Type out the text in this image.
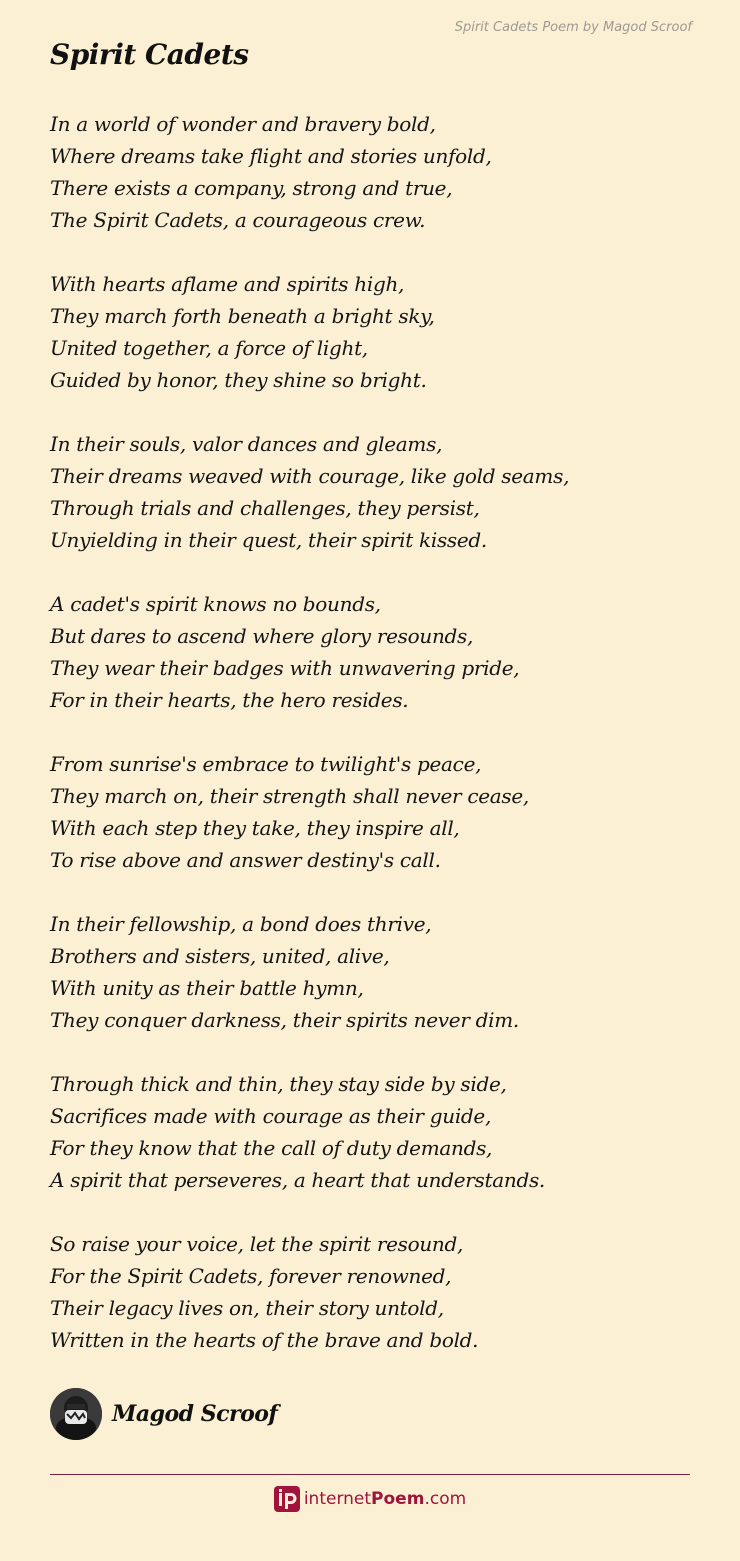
Spirit Cadets Poem by Magod Scroof
Spirit Cadets
In a world of wonder and bravery bold,
Where dreams take flight and stories unfold,
There exists a company, strong and true,
The Spirit Cadets, a courageous crew.
With hearts aflame and spirits high,
They march forth beneath a bright sky,
United together, a force of light,
Guided by honor, they shine so bright.
In their souls, valor dances and gleams,
Their dreams weaved with courage, like gold seams,
Through trials and challenges, they persist,
Unyielding in their quest, their spirit kissed.
A cadet's spirit knows no bounds,
But dares to ascend where glory resounds,
They wear their badges with unwavering pride,
For in their hearts, the hero resides.
From sunrise's embrace to twilight's peace,
They march on, their strength shall never cease,
With each step they take, they inspire all,
To rise above and answer destiny's call.
In their fellowship, a bond does thrive,
Brothers and sisters, united, alive,
With unity as their battle hymn,
They conquer darkness, their spirits never dim.
Through thick and thin, they stay side by side,
Sacrifices made with courage as their guide,
For they know that the call of duty demands,
A spirit that perseveres, a heart that understands.
So raise your voice, let the spirit resound,
For the Spirit Cadets, forever renowned,
Their legacy lives on, their story untold,
Written in the hearts of the brave and bold.
Magod Scroof
internetPoem.com
